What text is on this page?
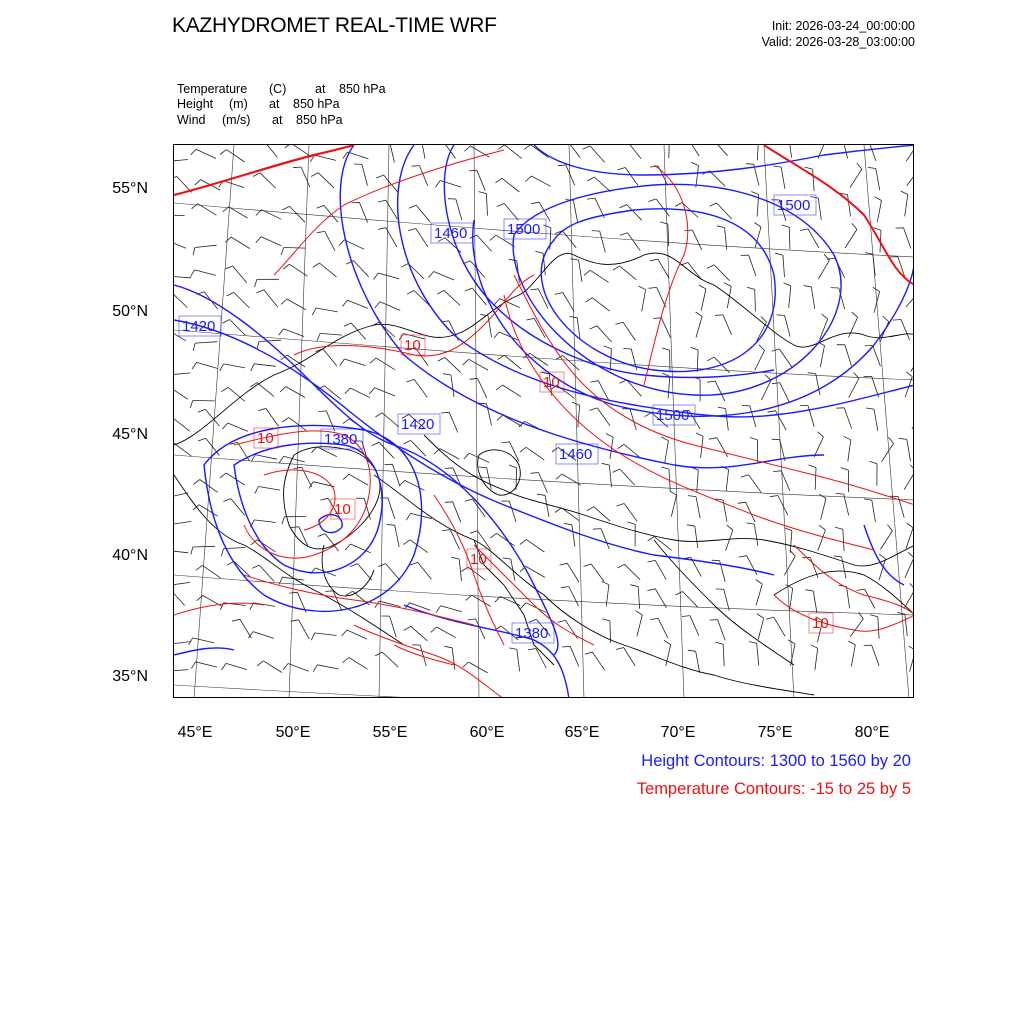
KAZHYDROMET REAL-TIME WRF	Init: 2026-03-24_00:00:00
Valid: 2026-03-28_03:00:00
Temperature (C) at 850 hPa
Height (m) at 850 hPa
Wind (m/s) at 850 hPa
55°N
50°N
45°N
40°N
35°N
45°E	50°E	55°E	60°E	65°E	70°E	75°E	80°E
1420
1460	1500
1500
1500
1380
1420
1460
1380
10
10
10
10
10
10
Height Contours: 1300 to 1560 by 20
Temperature Contours: -15 to 25 by 5
